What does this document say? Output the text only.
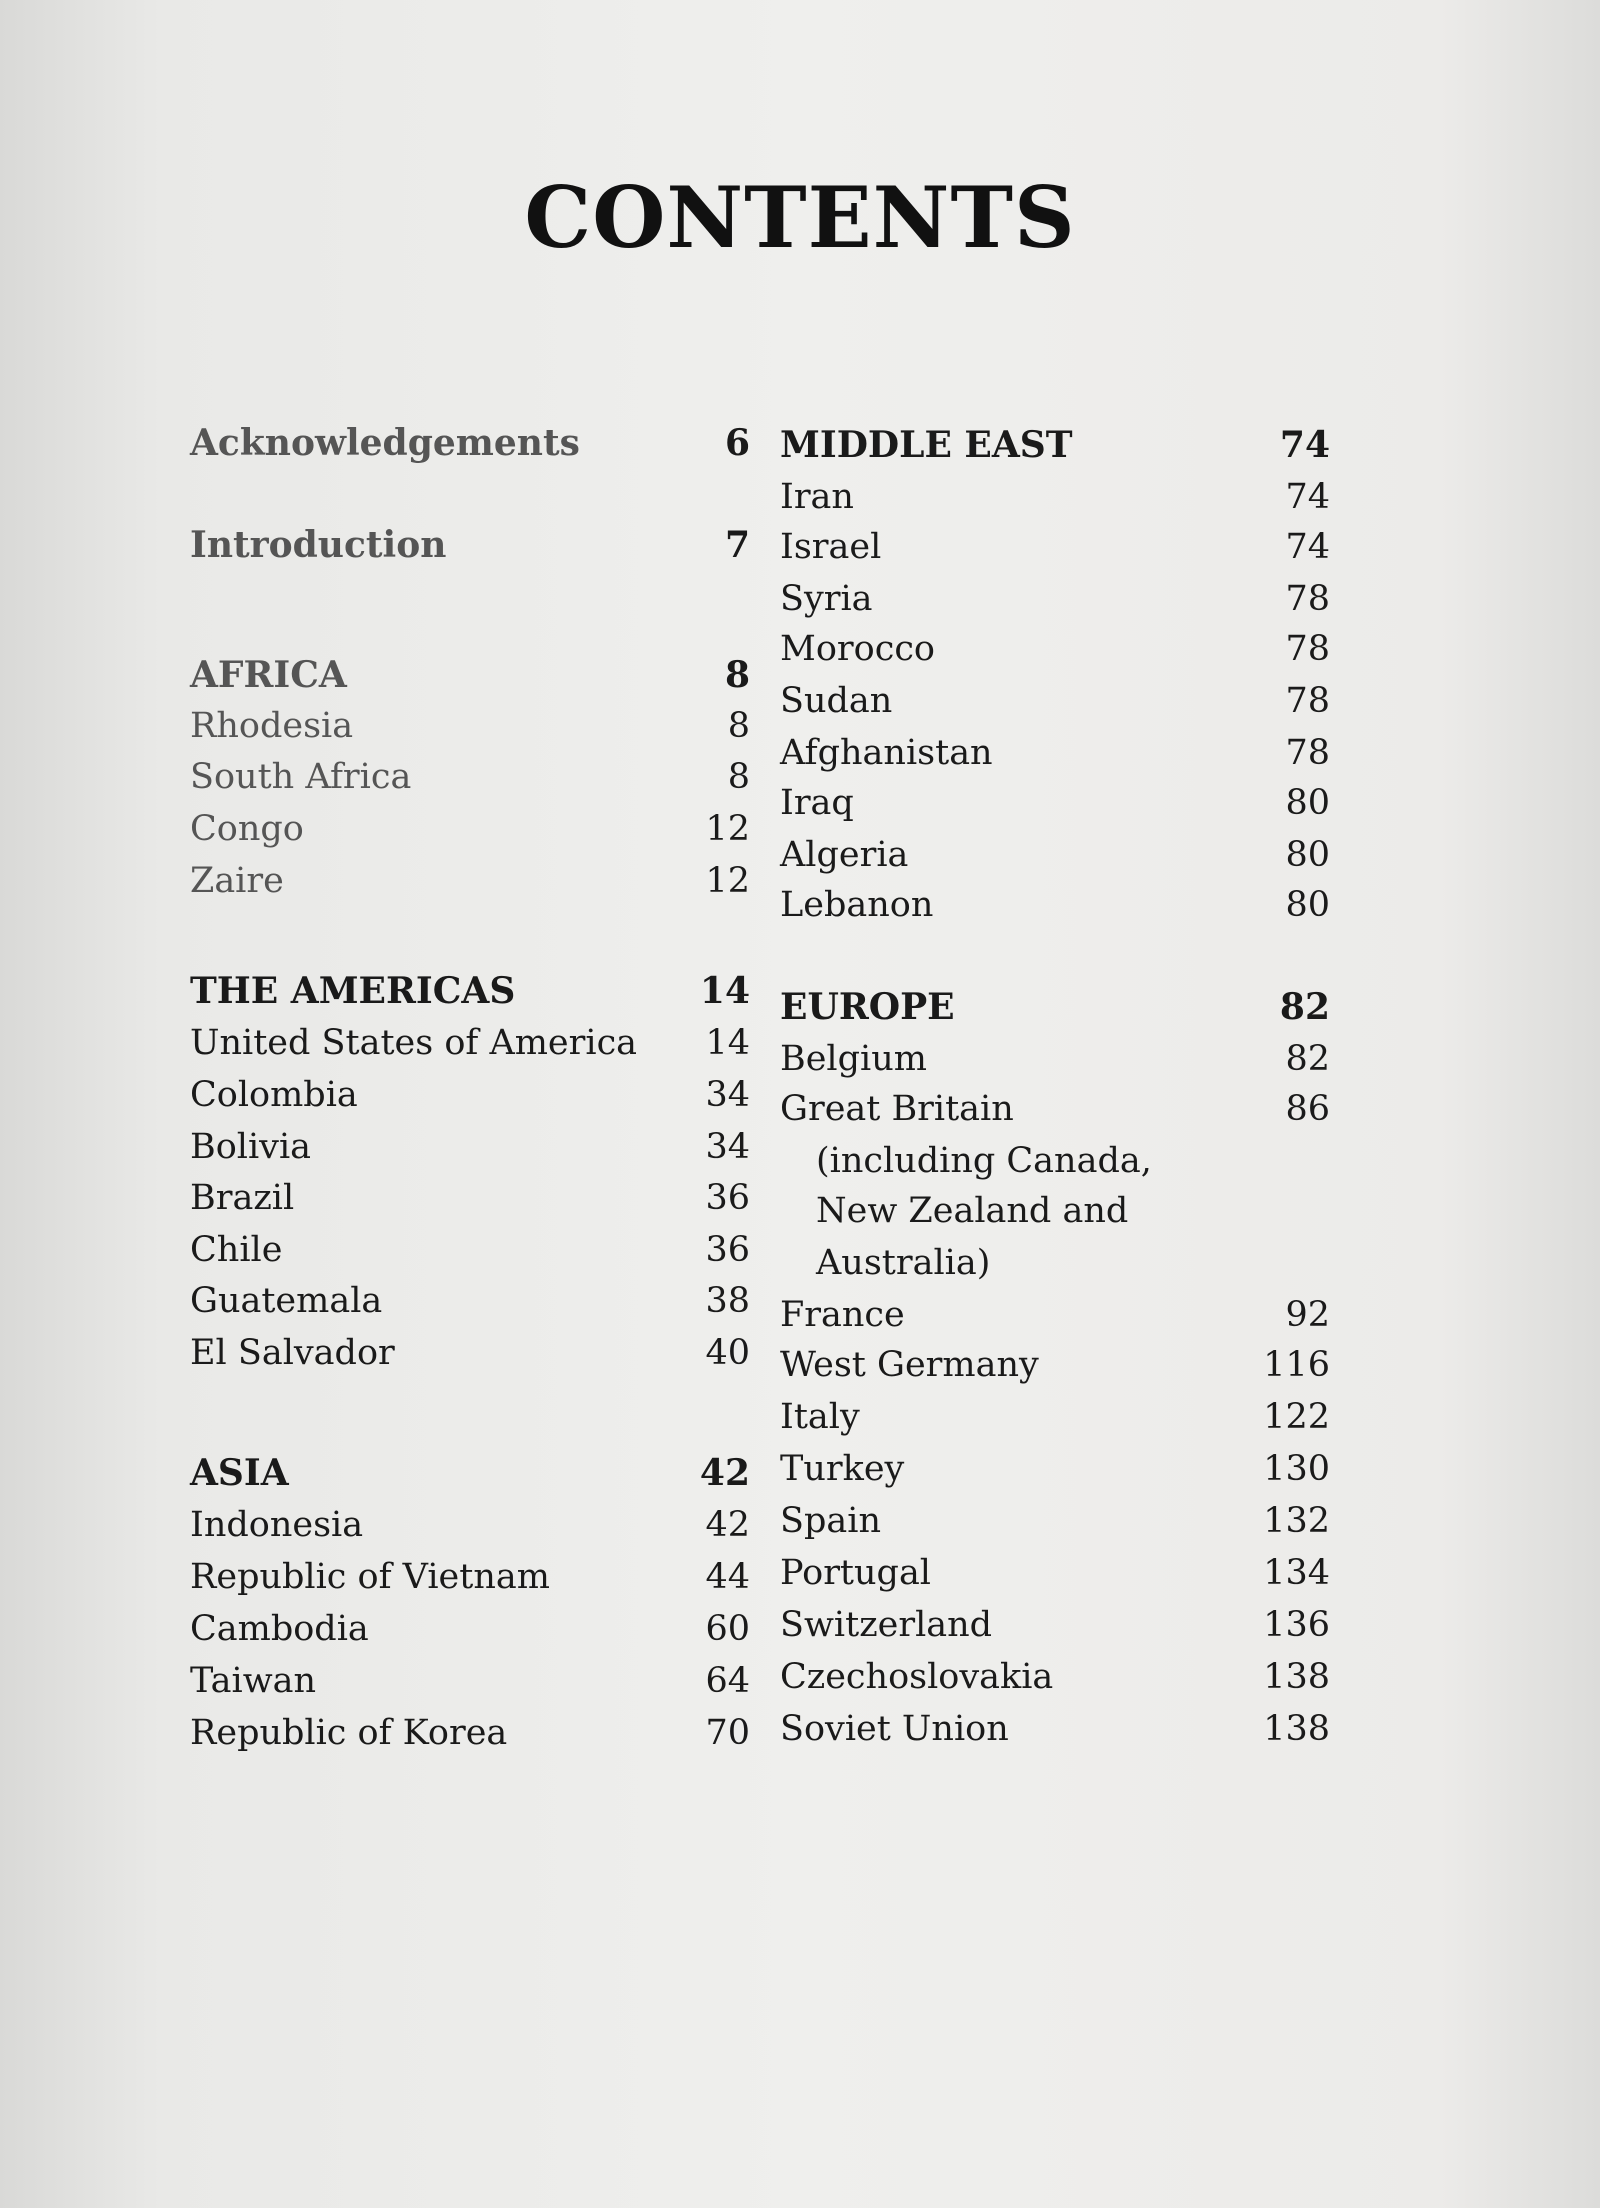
CONTENTS
Acknowledgements	6
Introduction	7
AFRICA	8
Rhodesia	8
South Africa	8
Congo	12
Zaire	12
THE AMERICAS	14
United States of America 14
Colombia	34
Bolivia	34
Brazil	36
Chile	36
Guatemala	38
El Salvador	40
ASIA	42
Indonesia	42
Republic of Vietnam	44
Cambodia	60
Taiwan	64
Republic of Korea	70
MIDDLE EAST	74
Iran	74
Israel	74
Syria	78
Morocco	78
Sudan	78
Afghanistan	78
Iraq	80
Algeria	80
Lebanon	80
EUROPE	82
Belgium	82
Great Britain	86
(including Canada,
New Zealand and
Australia)
France	92
West Germany	116
Italy	122
Turkey	130
Spain	132
Portugal	134
Switzerland	136
Czechoslovakia	138
Soviet Union	138
